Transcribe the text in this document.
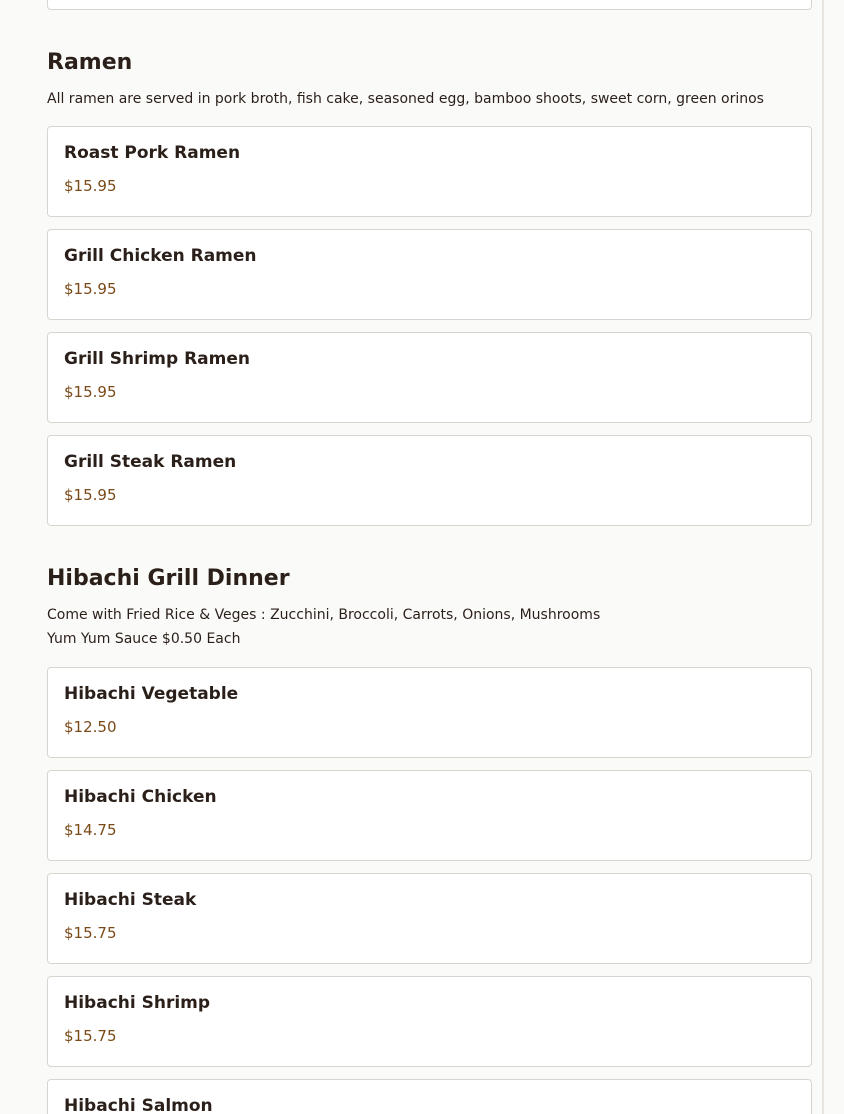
Ramen

All ramen are served in pork broth, fish cake, seasoned egg, bamboo shoots, sweet corn, green orinos

Roast Pork Ramen
$15.95
Grill Chicken Ramen
$15.95
Grill Shrimp Ramen
$15.95
Grill Steak Ramen
$15.95
Hibachi Grill Dinner

Come with Fried Rice & Veges : Zucchini, Broccoli, Carrots, Onions, Mushrooms

Yum Yum Sauce $0.50 Each

Hibachi Vegetable
$12.50
Hibachi Chicken
$14.75
Hibachi Steak
$15.75
Hibachi Shrimp
$15.75
Hibachi Salmon
